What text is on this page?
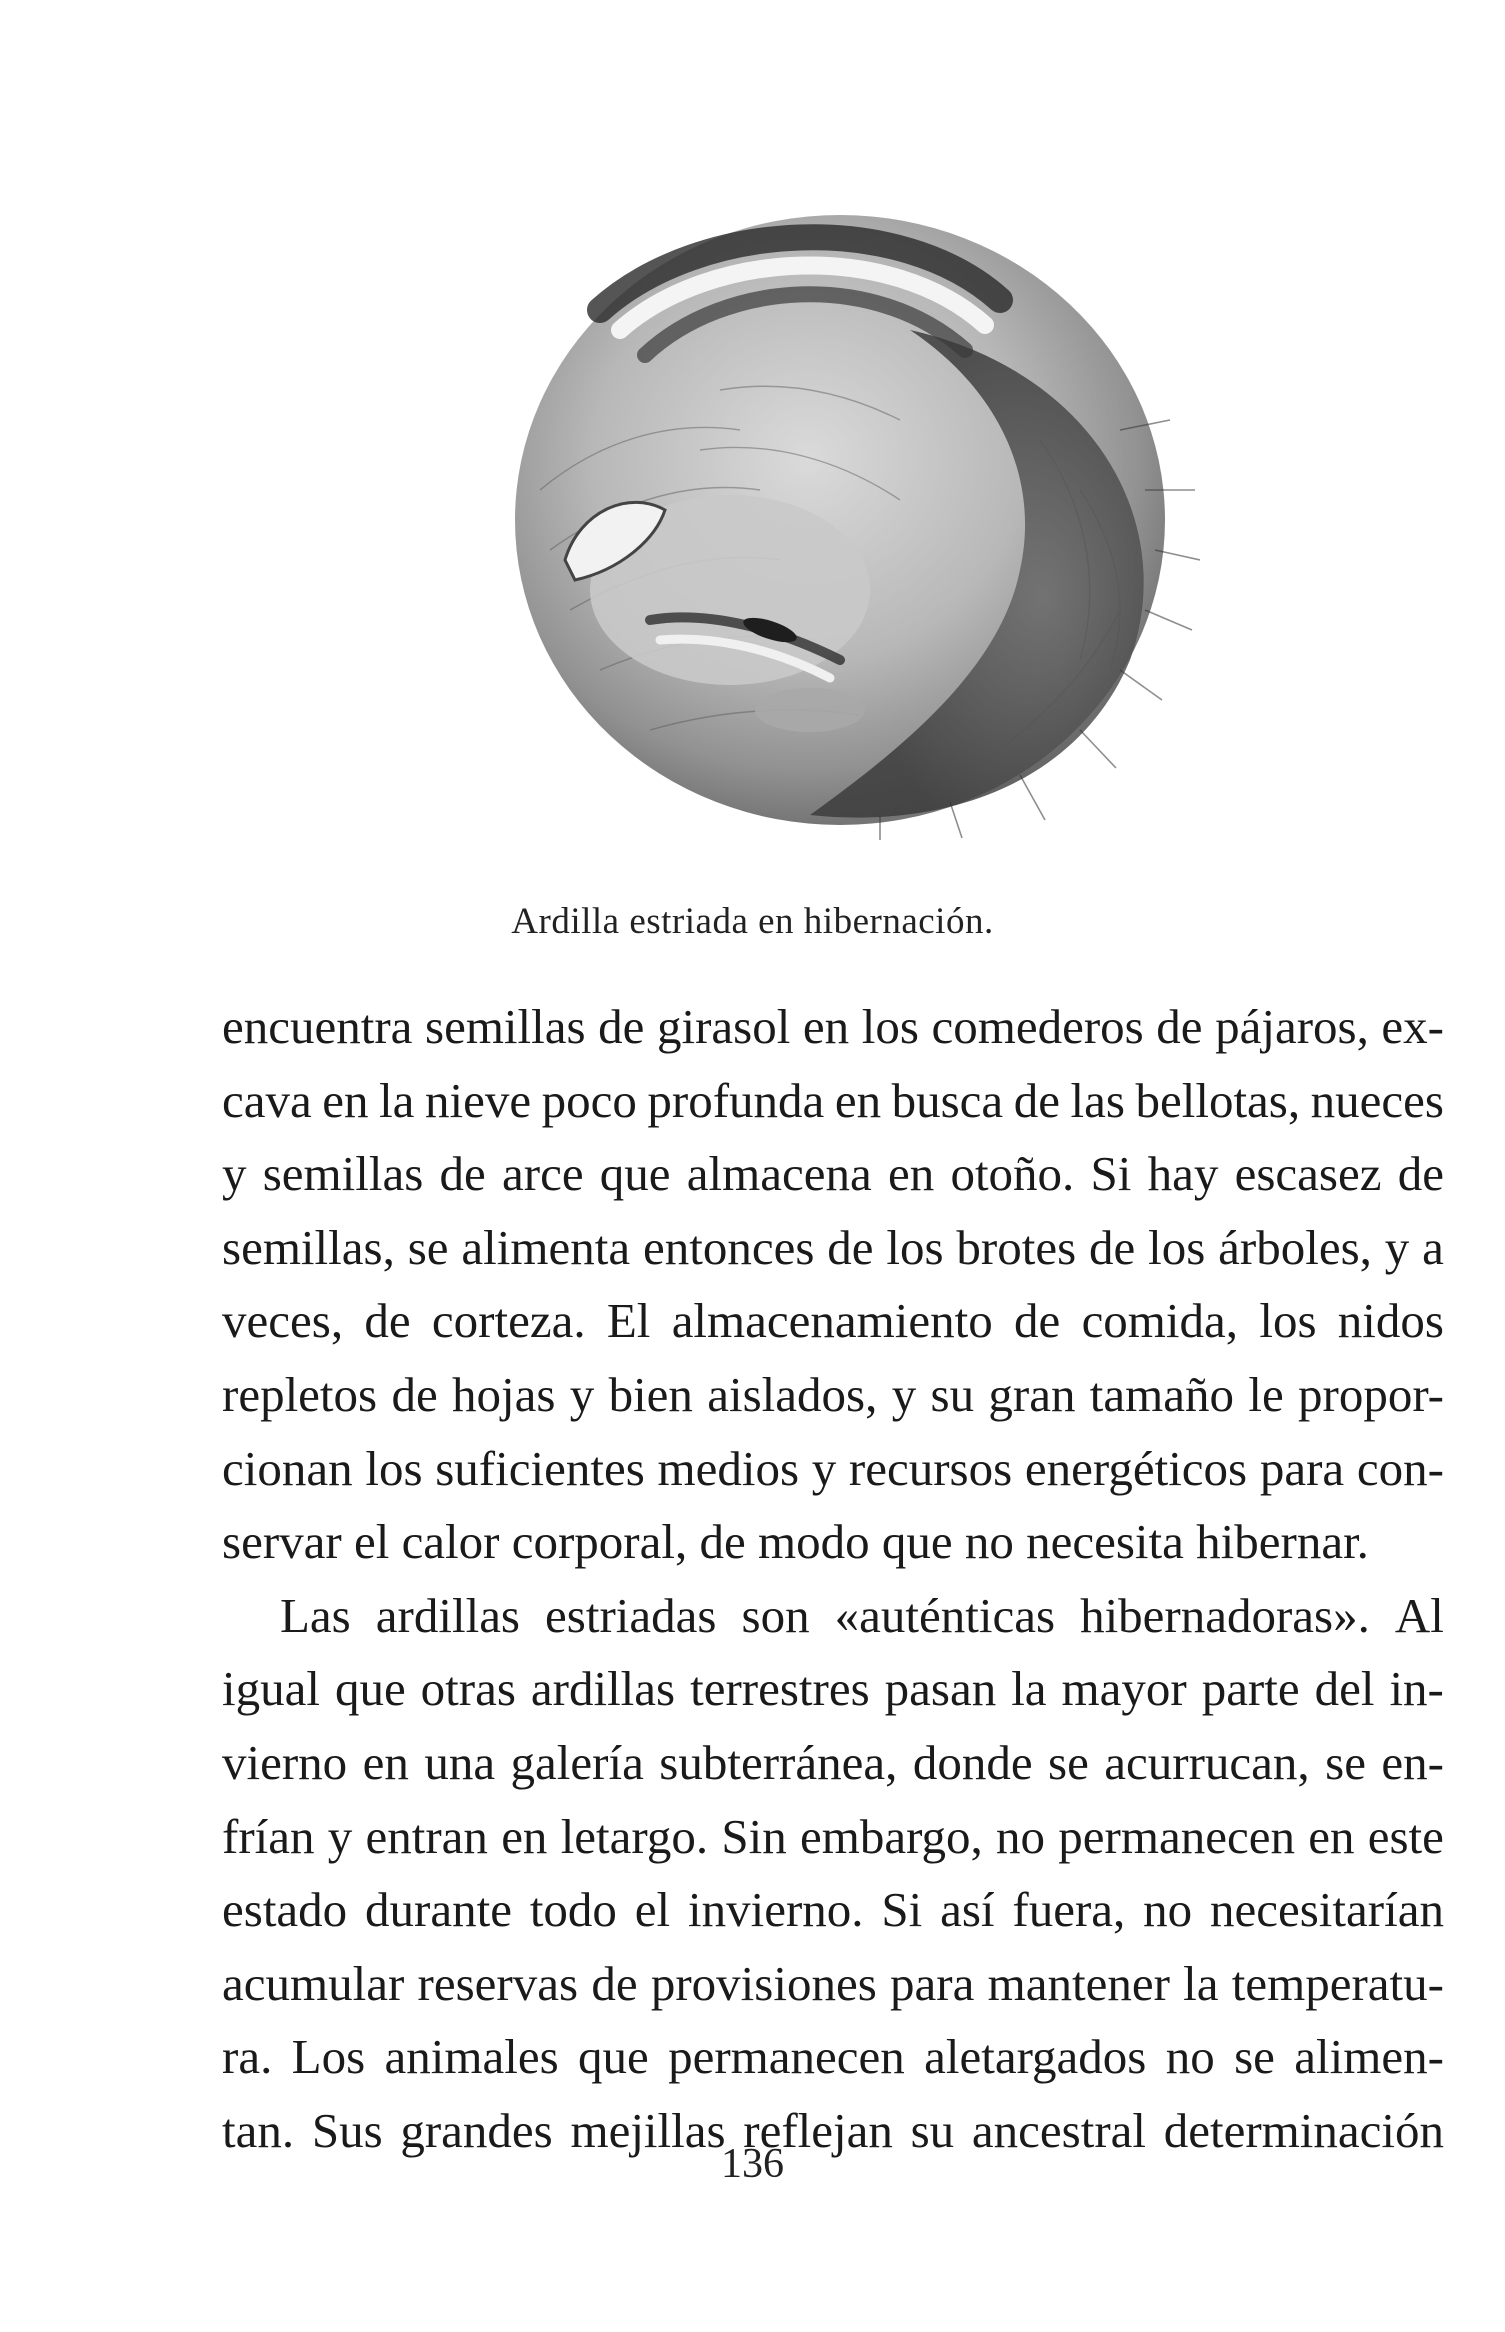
Ardilla estriada en hibernación.
encuentra semillas de girasol en los comederos de pájaros, ex-
cava en la nieve poco profunda en busca de las bellotas, nueces
y semillas de arce que almacena en otoño. Si hay escasez de
semillas, se alimenta entonces de los brotes de los árboles, y a
veces, de corteza. El almacenamiento de comida, los nidos
repletos de hojas y bien aislados, y su gran tamaño le propor-
cionan los suficientes medios y recursos energéticos para con-
servar el calor corporal, de modo que no necesita hibernar.
Las ardillas estriadas son «auténticas hibernadoras». Al
igual que otras ardillas terrestres pasan la mayor parte del in-
vierno en una galería subterránea, donde se acurrucan, se en-
frían y entran en letargo. Sin embargo, no permanecen en este
estado durante todo el invierno. Si así fuera, no necesitarían
acumular reservas de provisiones para mantener la temperatu-
ra. Los animales que permanecen aletargados no se alimen-
tan. Sus grandes mejillas reflejan su ancestral determinación
136
